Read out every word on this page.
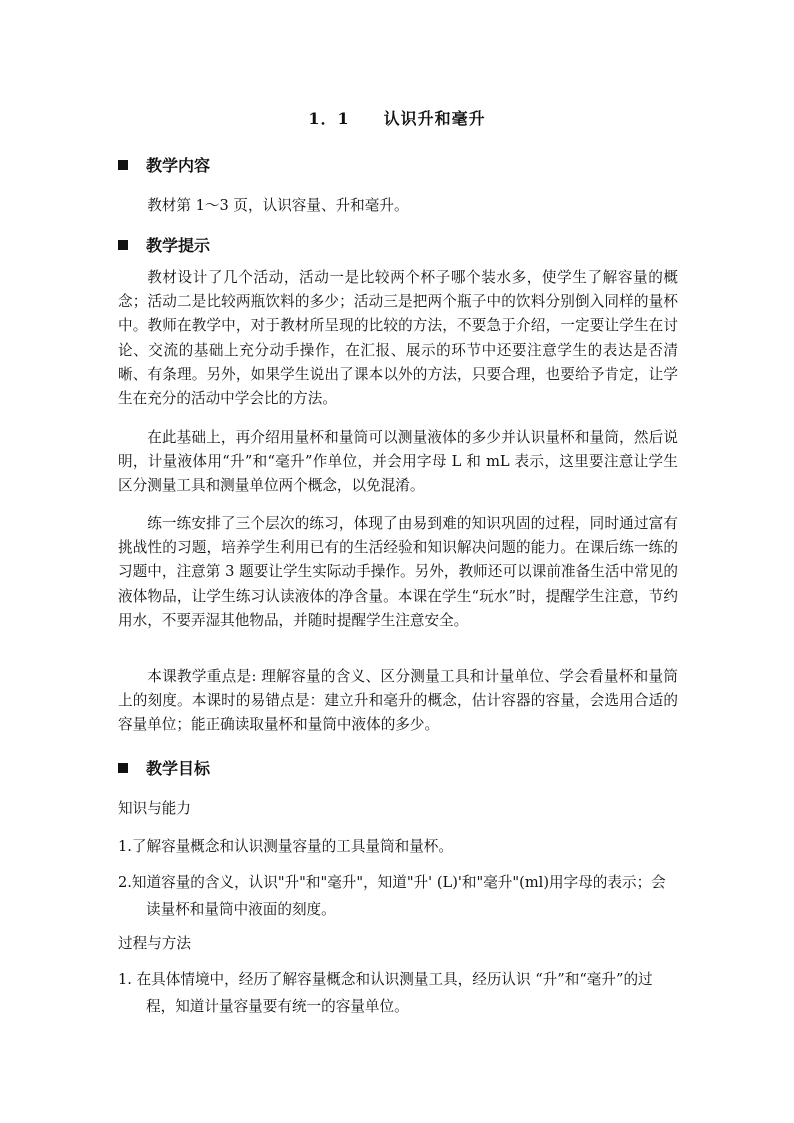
1．1 认识升和毫升
教学内容
教材第 1～3 页，认识容量、升和毫升。
教学提示
教材设计了几个活动，活动一是比较两个杯子哪个装水多，使学生了解容量的概念；活动二是比较两瓶饮料的多少；活动三是把两个瓶子中的饮料分别倒入同样的量杯中。教师在教学中，对于教材所呈现的比较的方法，不要急于介绍，一定要让学生在讨论、交流的基础上充分动手操作，在汇报、展示的环节中还要注意学生的表达是否清晰、有条理。另外，如果学生说出了课本以外的方法，只要合理，也要给予肯定，让学生在充分的活动中学会比的方法。
在此基础上，再介绍用量杯和量筒可以测量液体的多少并认识量杯和量筒，然后说明，计量液体用“升”和“毫升”作单位，并会用字母 L 和 mL 表示，这里要注意让学生区分测量工具和测量单位两个概念，以免混淆。
练一练安排了三个层次的练习，体现了由易到难的知识巩固的过程，同时通过富有挑战性的习题，培养学生利用已有的生活经验和知识解决问题的能力。在课后练一练的习题中，注意第 3 题要让学生实际动手操作。另外，教师还可以课前准备生活中常见的液体物品，让学生练习认读液体的净含量。本课在学生“玩水”时，提醒学生注意，节约用水，不要弄湿其他物品，并随时提醒学生注意安全。
本课教学重点是: 理解容量的含义、区分测量工具和计量单位、学会看量杯和量筒上的刻度。本课时的易错点是：建立升和毫升的概念，估计容器的容量，会选用合适的容量单位；能正确读取量杯和量筒中液体的多少。
教学目标
知识与能力
1.了解容量概念和认识测量容量的工具量筒和量杯。
2.知道容量的含义，认识"升"和"毫升"，知道"升' (L)'和"毫升"(ml)用字母的表示；会读量杯和量筒中液面的刻度。
过程与方法
1. 在具体情境中，经历了解容量概念和认识测量工具，经历认识 “升”和“毫升”的过程，知道计量容量要有统一的容量单位。
